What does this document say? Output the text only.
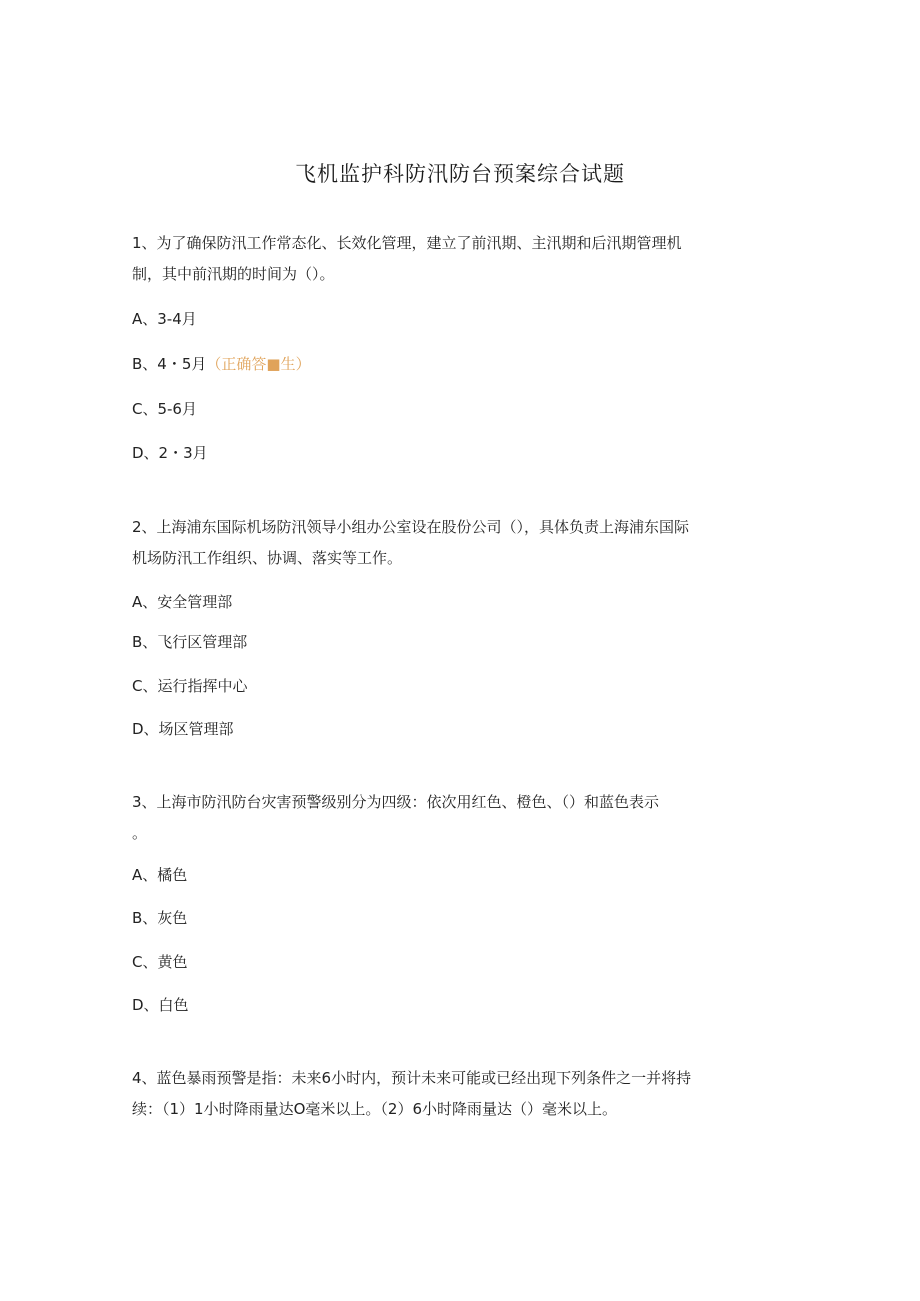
飞机监护科防汛防台预案综合试题
1、为了确保防汛工作常态化、长效化管理，建立了前汛期、主汛期和后汛期管理机
制，其中前汛期的时间为（）。
A、3-4月
B、4・5月（正确答■生）
C、5-6月
D、2・3月
2、上海浦东国际机场防汛领导小组办公室设在股份公司（），具体负责上海浦东国际
机场防汛工作组织、协调、落实等工作。
A、安全管理部
B、飞行区管理部
C、运行指挥中心
D、场区管理部
3、上海市防汛防台灾害预警级别分为四级：依次用红色、橙色、（）和蓝色表示
。
A、橘色
B、灰色
C、黄色
D、白色
4、蓝色暴雨预警是指：未来6小时内，预计未来可能或已经出现下列条件之一并将持
续：（1）1小时降雨量达O毫米以上。（2）6小时降雨量达（）毫米以上。
